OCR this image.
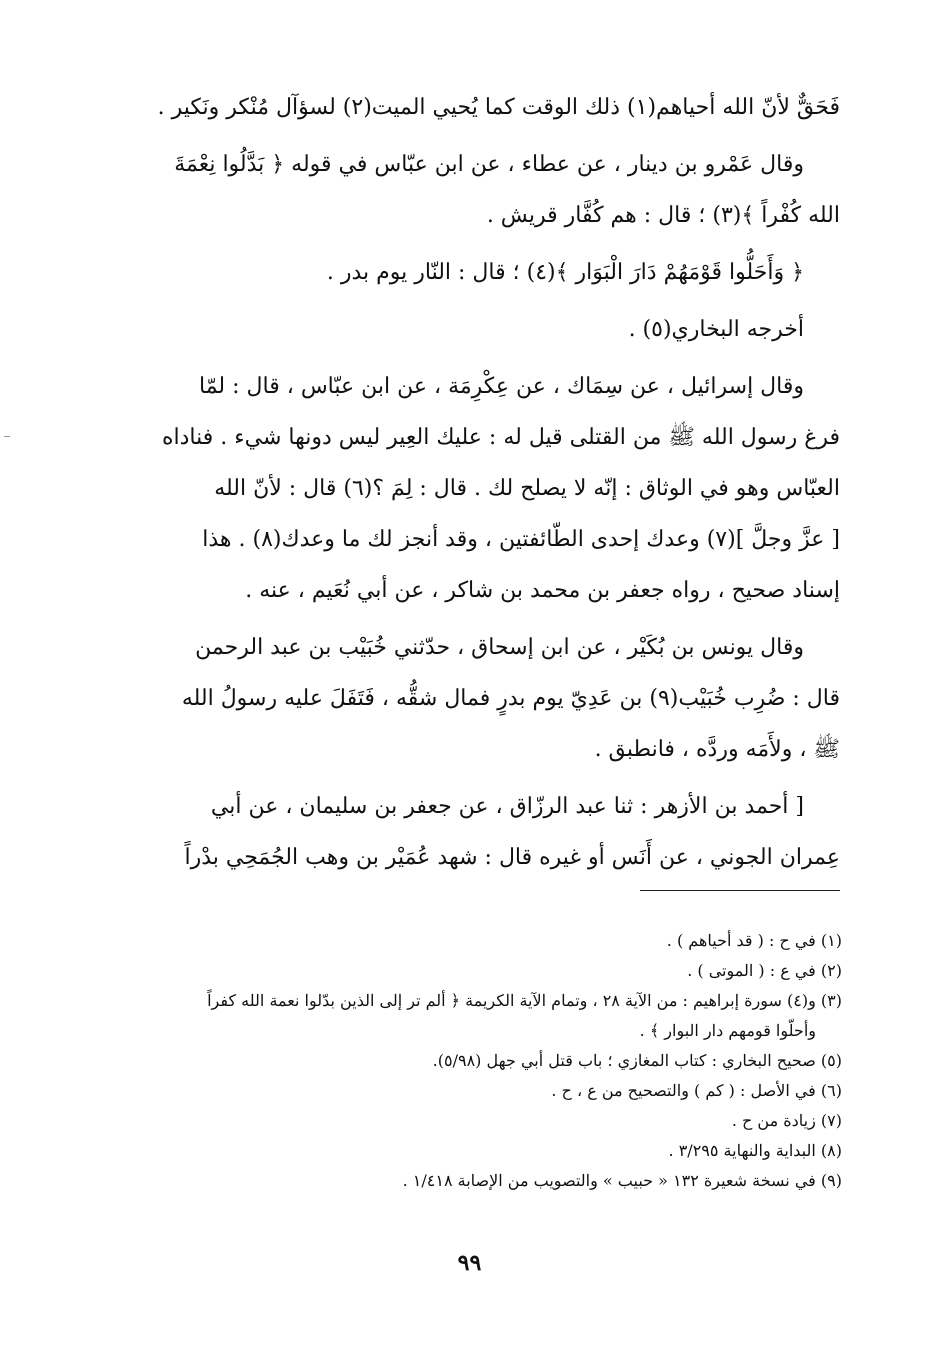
فَحَقٌّ لأنّ الله أحياهم(١) ذلك الوقت كما يُحيي الميت(٢) لسؤآل مُنْكر ونَكير .

وقال عَمْرو بن دينار ، عن عطاء ، عن ابن عبّاس في قوله ﴿ بَدَّلُوا نِعْمَةَ
الله كُفْراً ﴾(٣) ؛ قال : هم كُفَّار قريش .

﴿ وَأَحَلُّوا قَوْمَهُمْ دَارَ الْبَوَار ﴾(٤) ؛ قال : النّار يوم بدر .

أخرجه البخاري(٥) .

وقال إسرائيل ، عن سِمَاك ، عن عِكْرِمَة ، عن ابن عبّاس ، قال : لمّا
فرغ رسول الله ﷺ من القتلى قيل له : عليك العِير ليس دونها شيء . فناداه
العبّاس وهو في الوثاق : إنّه لا يصلح لك . قال : لِمَ ؟(٦) قال : لأنّ الله
[ عزَّ وجلَّ ](٧) وعدك إحدى الطّائفتين ، وقد أنجز لك ما وعدك(٨) . هذا
إسناد صحيح ، رواه جعفر بن محمد بن شاكر ، عن أبي نُعَيم ، عنه .

وقال يونس بن بُكَيْر ، عن ابن إسحاق ، حدّثني خُبَيْب بن عبد الرحمن
قال : ضُرِب خُبَيْب(٩) بن عَدِيّ يوم بدرٍ فمال شقُّه ، فَتَفَلَ عليه رسولُ الله
ﷺ ، ولأَمَه وردَّه ، فانطبق .

[ أحمد بن الأزهر : ثنا عبد الرزّاق ، عن جعفر بن سليمان ، عن أبي
عِمران الجوني ، عن أَنَس أو غيره قال : شهد عُمَيْر بن وهب الجُمَحِي بدْراً

(١) في ح : ( قد أحياهم ) .
(٢) في ع : ( الموتى ) .
(٣) و(٤) سورة إبراهيم : من الآية ٢٨ ، وتمام الآية الكريمة ﴿ ألم تر إلى الذين بدّلوا نعمة الله كفراً
وأحلّوا قومهم دار البوار ﴾ .
(٥) صحيح البخاري : كتاب المغازي ؛ باب قتل أبي جهل (٥/٩٨).
(٦) في الأصل : ( كم ) والتصحيح من ع ، ح .
(٧) زيادة من ح .
(٨) البداية والنهاية ٣/٢٩٥ .
(٩) في نسخة شعيرة ١٣٢ « حبيب » والتصويب من الإصابة ١/٤١٨ .
٩٩
